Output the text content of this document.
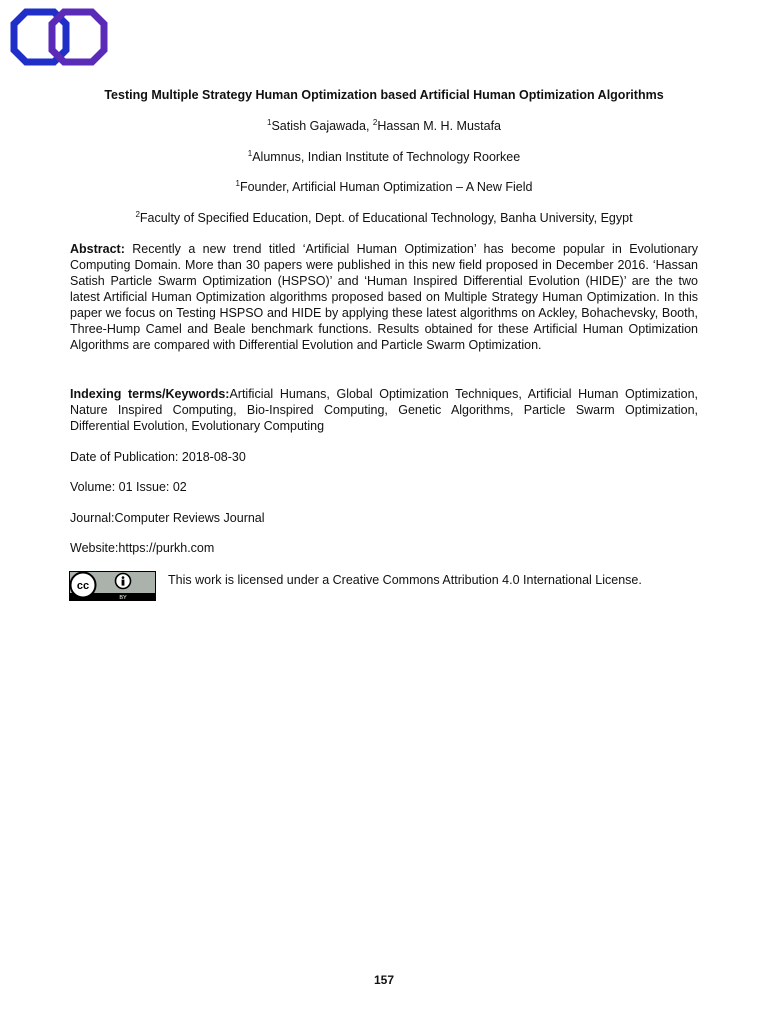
Testing Multiple Strategy Human Optimization based Artificial Human Optimization Algorithms
$^1$Satish Gajawada, $^2$Hassan M. H. Mustafa
$^1$Alumnus, Indian Institute of Technology Roorkee
$^1$Founder, Artificial Human Optimization – A New Field
$^2$Faculty of Specified Education, Dept. of Educational Technology, Banha University, Egypt
Abstract: Recently a new trend titled ‘Artificial Human Optimization’ has become popular in Evolutionary Computing Domain. More than 30 papers were published in this new field proposed in December 2016. ‘Hassan Satish Particle Swarm Optimization (HSPSO)’ and ‘Human Inspired Differential Evolution (HIDE)’ are the two latest Artificial Human Optimization algorithms proposed based on Multiple Strategy Human Optimization. In this paper we focus on Testing HSPSO and HIDE by applying these latest algorithms on Ackley, Bohachevsky, Booth, Three-Hump Camel and Beale benchmark functions. Results obtained for these Artificial Human Optimization Algorithms are compared with Differential Evolution and Particle Swarm Optimization.
Indexing terms/Keywords:Artificial Humans, Global Optimization Techniques, Artificial Human Optimization, Nature Inspired Computing, Bio-Inspired Computing, Genetic Algorithms, Particle Swarm Optimization, Differential Evolution, Evolutionary Computing
Date of Publication: 2018-08-30
Volume: 01 Issue: 02
Journal:Computer Reviews Journal
Website:https://purkh.com
cc
BY
This work is licensed under a Creative Commons Attribution 4.0 International License.
157
